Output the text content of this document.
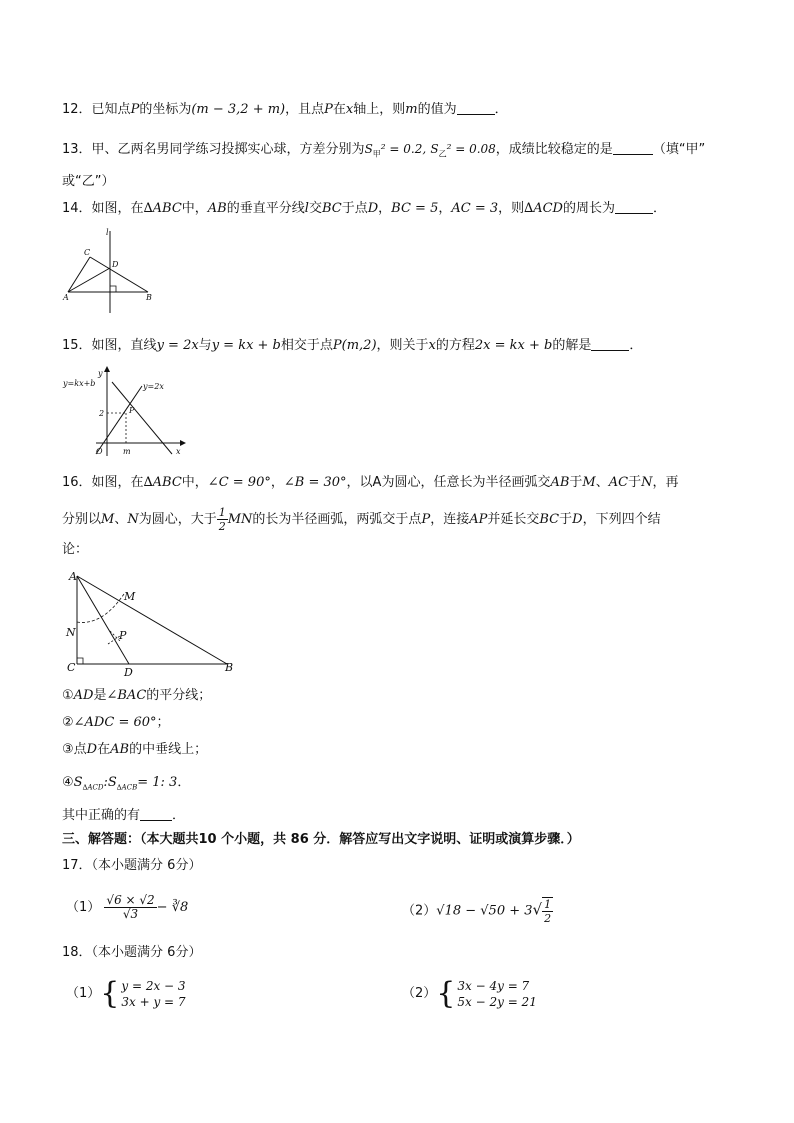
12．已知点P的坐标为(m − 3,2 + m)，且点P在x轴上，则m的值为	．
13．甲、乙两名男同学练习投掷实心球，方差分别为$S_甲^2 = 0.2$, $S_乙^2 = 0.08$，成绩比较稳定的是	（填“甲”
或“乙”）
14．如图，在∆ABC中，AB的垂直平分线l交BC于点D，BC = 5，AC = 3，则∆ACD的周长为	．
l
C
D
A	B
15．如图，直线y = 2x与y = kx + b相交于点P(m,2)，则关于x的方程2x = kx + b的解是	．
y
y=kx+b	y=2x
2	P
O	m	x
16．如图，在∆ABC中，∠C = 90°，∠B = 30°，以A为圆心，任意长为半径画弧交AB于M、AC于N，再
分别以M、N为圆心，大于 $\frac{1}{2}$ MN的长为半径画弧，两弧交于点P，连接AP并延长交BC于D，下列四个结
论：
A
M
N	P
C	D	B
①AD是∠BAC的平分线；
②∠ADC = 60°；
③点D在AB的中垂线上；
$④S_{\Delta ACD}:S_{\Delta ACB}= 1$: 3．
其中正确的有 ．
三、解答题：（本大题共10 个小题，共 86 分．解答应写出文字说明、证明或演算步骤．）
17．（本小题满分 6分）
$(1) \frac{√6 \times √2}{√3}$ − ∛8	$(2)√18 - √50 + 3√ \frac{1}{2}$
18．（本小题满分 6分）
（1）{ y = 2x − 3
3x + y = 7
（2）{ 3x − 4y = 7
5x − 2y = 21
